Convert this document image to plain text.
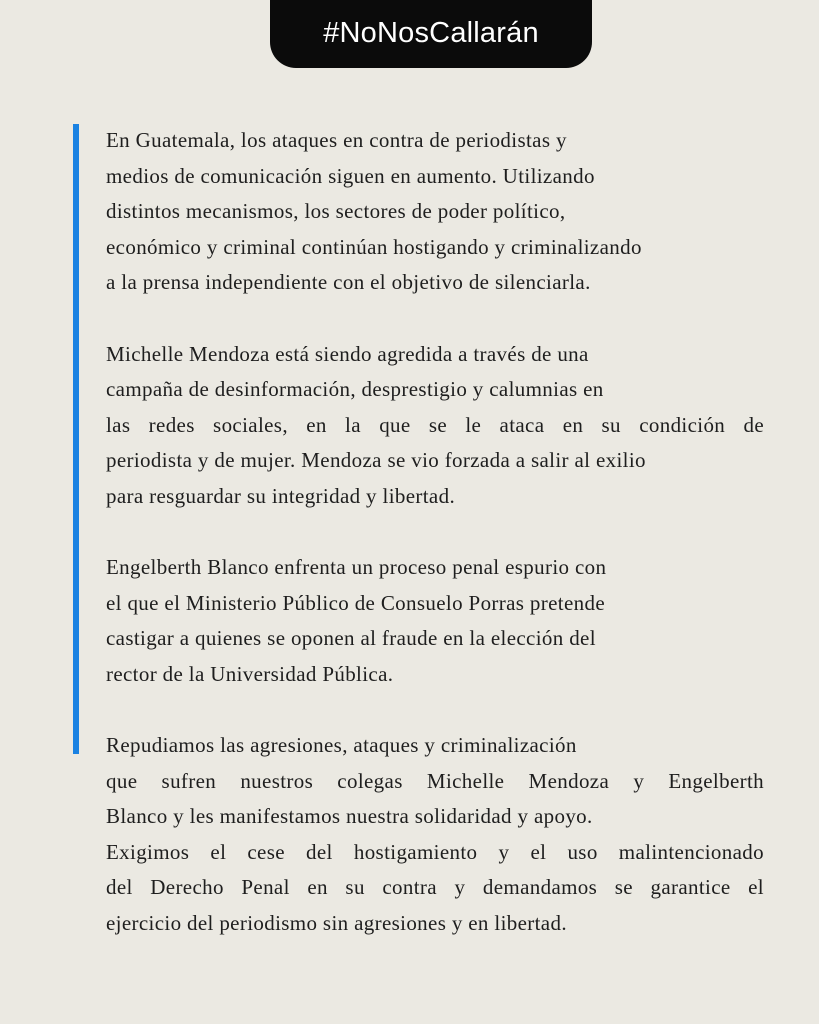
#NoNosCallarán

En Guatemala, los ataques en contra de periodistas y
medios de comunicación siguen en aumento. Utilizando
distintos mecanismos, los sectores de poder político,
económico y criminal continúan hostigando y criminalizando
a la prensa independiente con el objetivo de silenciarla.

Michelle Mendoza está siendo agredida a través de una
campaña de desinformación, desprestigio y calumnias en
las redes sociales, en la que se le ataca en su condición de
periodista y de mujer. Mendoza se vio forzada a salir al exilio
para resguardar su integridad y libertad.

Engelberth Blanco enfrenta un proceso penal espurio con
el que el Ministerio Público de Consuelo Porras pretende
castigar a quienes se oponen al fraude en la elección del
rector de la Universidad Pública.

Repudiamos las agresiones, ataques y criminalización
que sufren nuestros colegas Michelle Mendoza y Engelberth
Blanco y les manifestamos nuestra solidaridad y apoyo.
Exigimos el cese del hostigamiento y el uso malintencionado
del Derecho Penal en su contra y demandamos se garantice el
ejercicio del periodismo sin agresiones y en libertad.
